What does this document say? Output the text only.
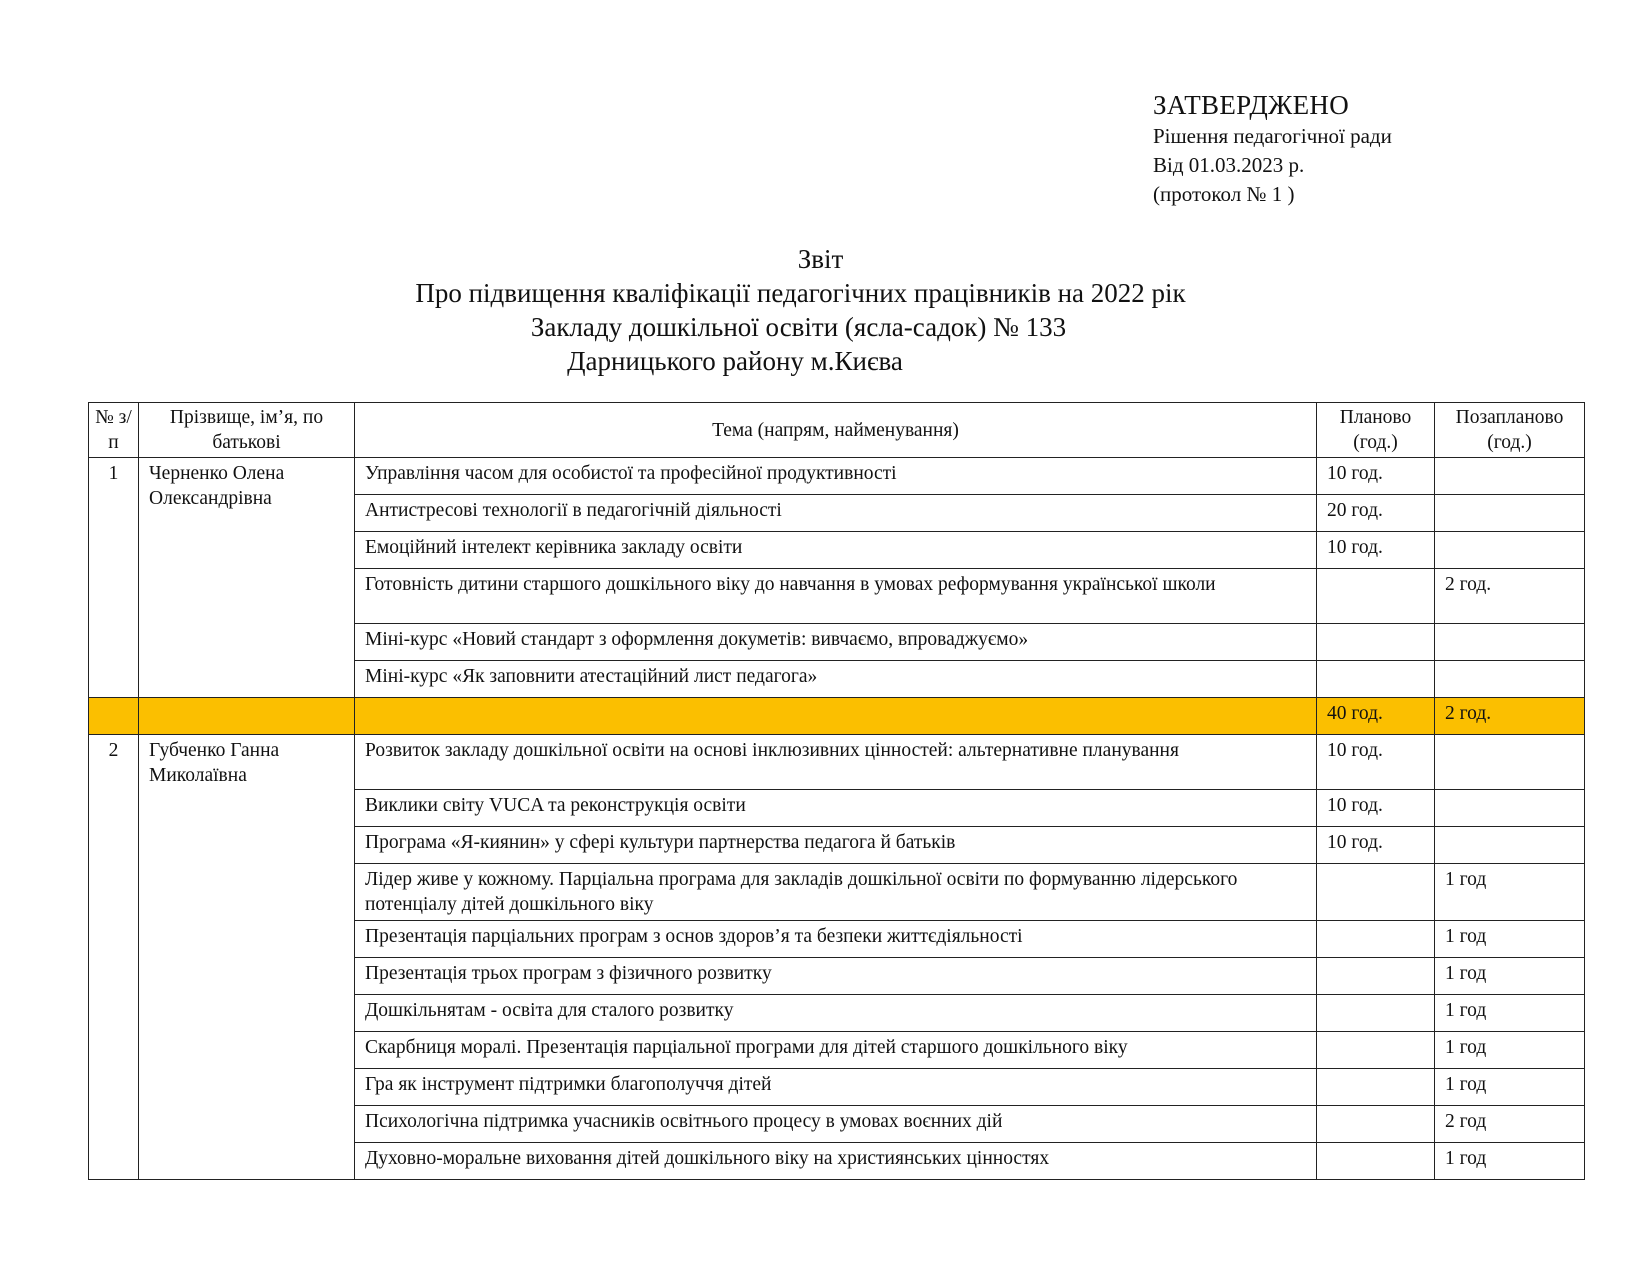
ЗАТВЕРДЖЕНО
Рішення педагогічної ради
Від 01.03.2023 р.
(протокол № 1 )
Звіт
Про підвищення кваліфікації педагогічних працівників на 2022 рік
Закладу дошкільної освіти (ясла-садок) № 133
Дарницького району м.Києва
№ з/п	Прізвище, ім’я, по батькові	Тема (напрям, найменування)	Планово (год.)	Позапланово (год.)
1	Черненко Олена Олександрівна	Управління часом для особистої та професійної продуктивності	10 год.	
		Антистресові технології в педагогічній діяльності	20 год.	
		Емоційний інтелект керівника закладу освіти	10 год.	
		Готовність дитини старшого дошкільного віку до навчання в умовах реформування української школи		2 год.
		Міні-курс «Новий стандарт з оформлення докуметів: вивчаємо, впроваджуємо»		
		Міні-курс «Як заповнити атестаційний лист педагога»		
			40 год.	2 год.
2	Губченко Ганна Миколаївна	Розвиток закладу дошкільної освіти на основі інклюзивних цінностей: альтернативне планування	10 год.	
		Виклики світу VUCA та реконструкція освіти	10 год.	
		Програма «Я-киянин» у сфері культури партнерства педагога й батьків	10 год.	
		Лідер живе у кожному. Парціальна програма для закладів дошкільної освіти по формуванню лідерського потенціалу дітей дошкільного віку		1 год
		Презентація парціальних програм з основ здоров’я та безпеки життєдіяльності		1 год
		Презентація трьох програм з фізичного розвитку		1 год
		Дошкільнятам - освіта для сталого розвитку		1 год
		Скарбниця моралі. Презентація парціальної програми для дітей старшого дошкільного віку		1 год
		Гра як інструмент підтримки благополуччя дітей		1 год
		Психологічна підтримка учасників освітнього процесу в умовах воєнних дій		2 год
		Духовно-моральне виховання дітей дошкільного віку на християнських цінностях		1 год
